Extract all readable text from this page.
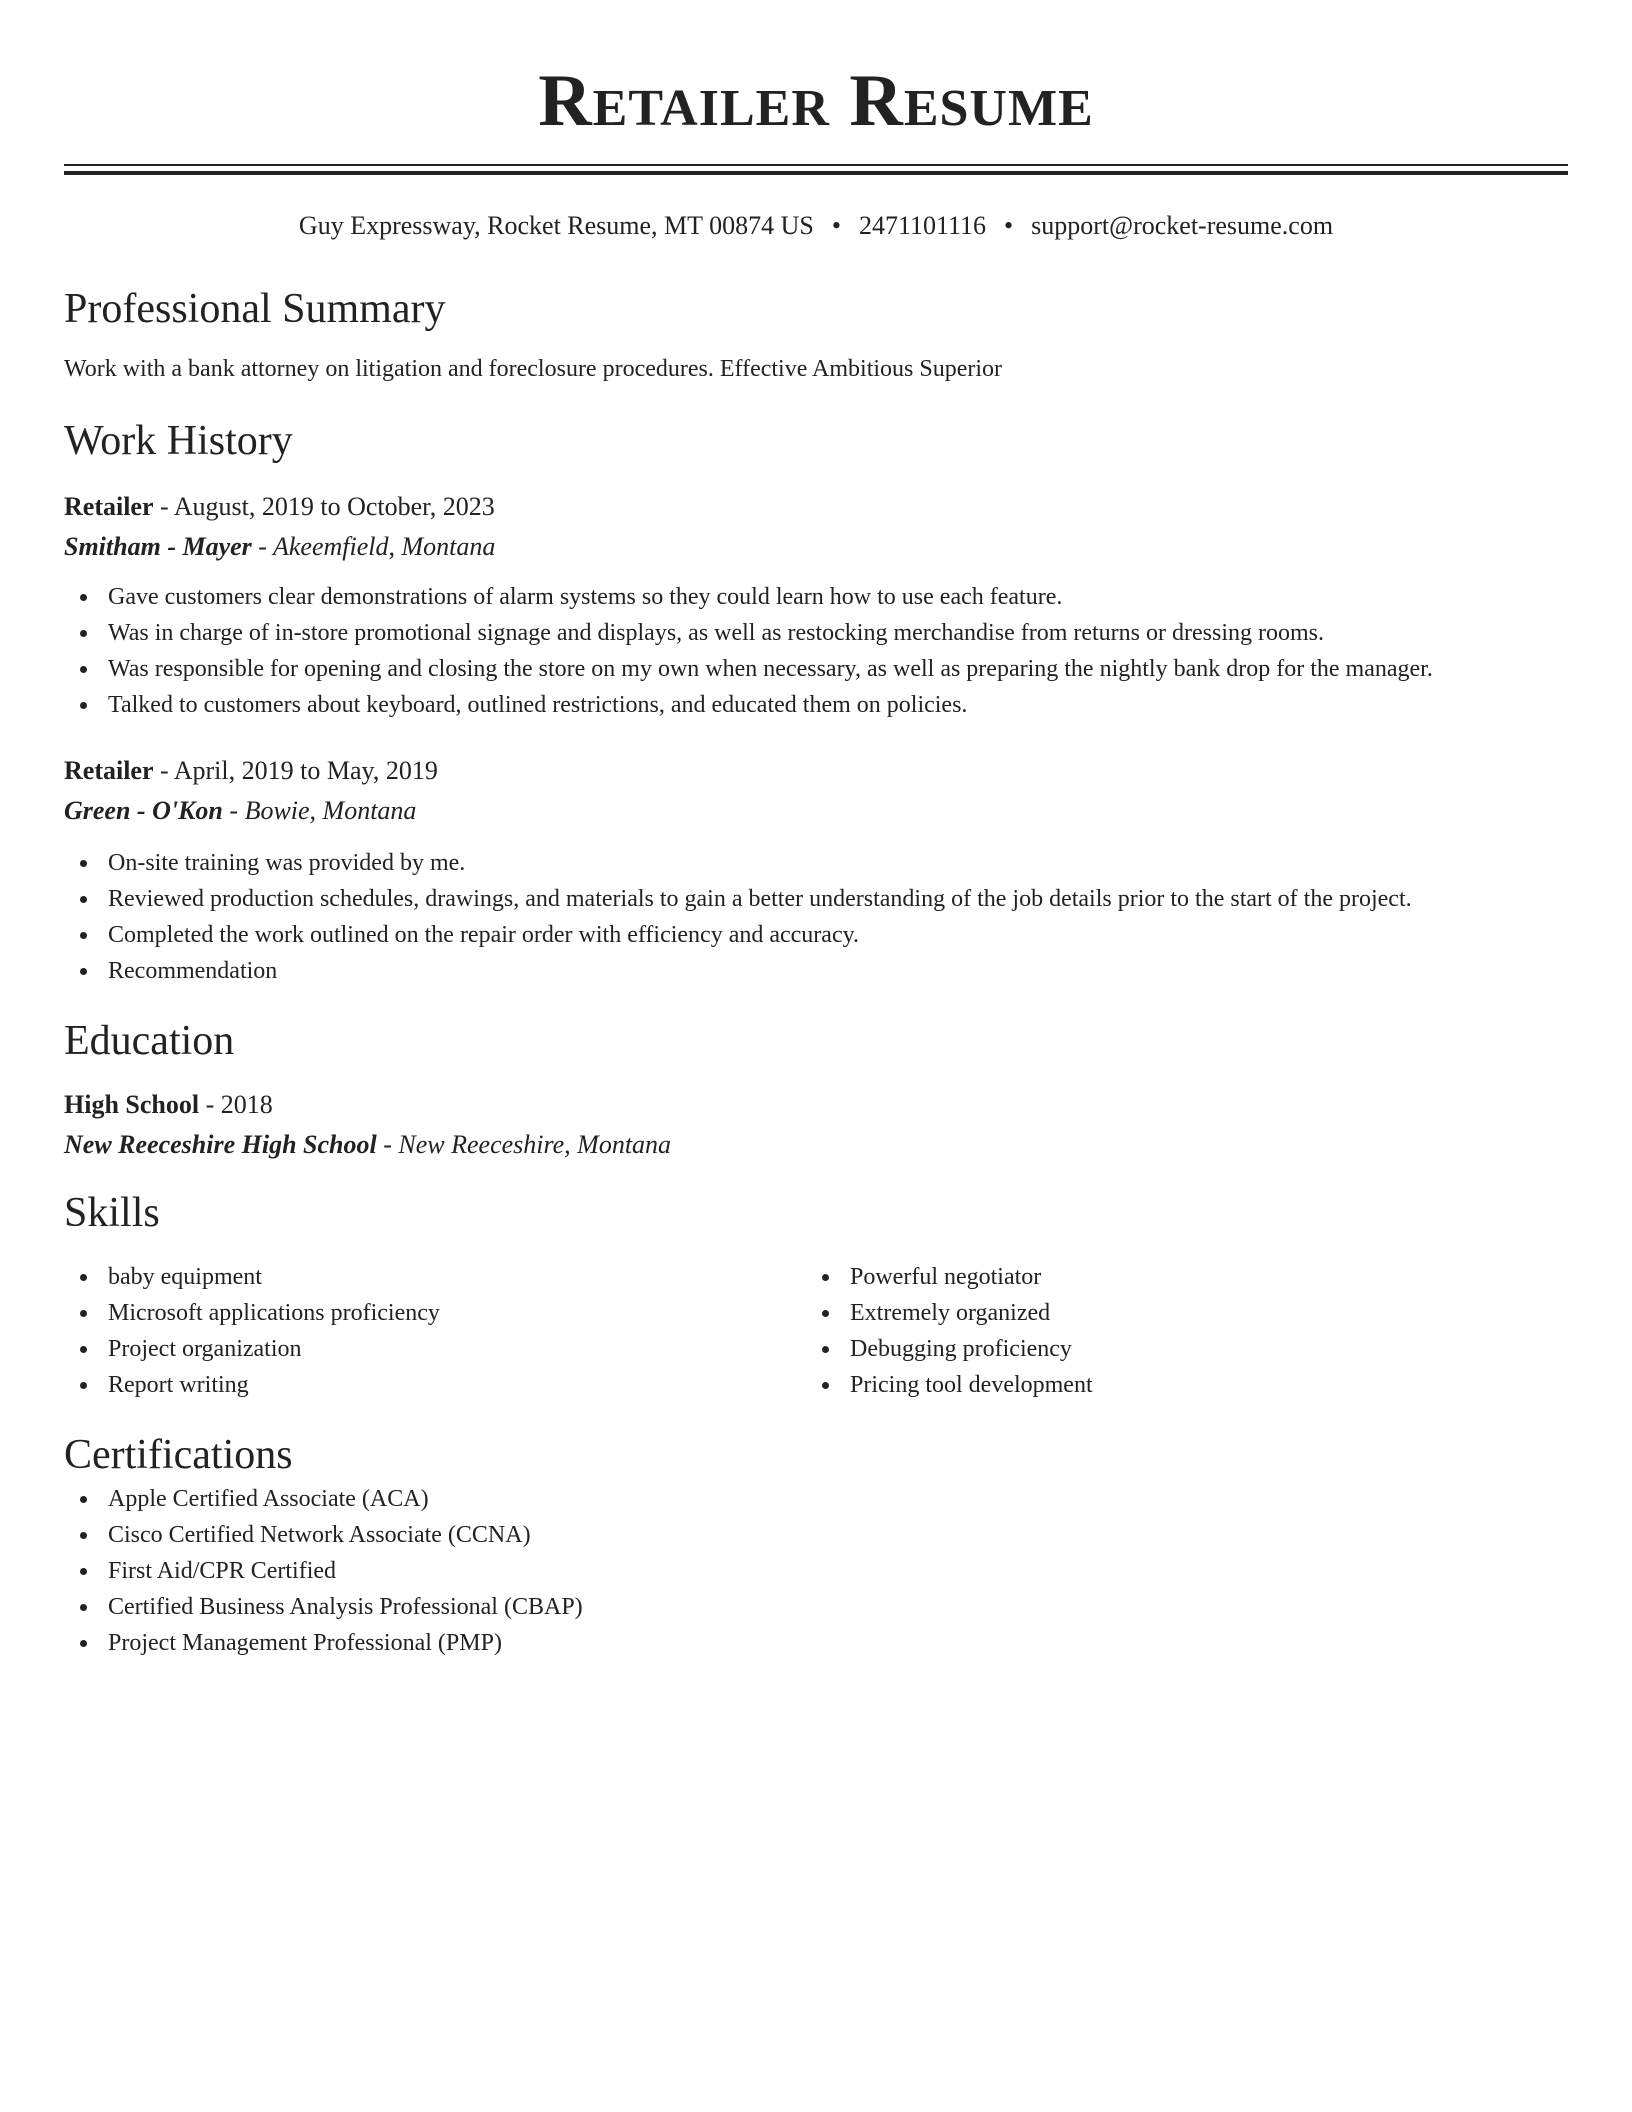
Retailer Resume
Guy Expressway, Rocket Resume, MT 00874 US • 2471101116 • support@rocket-resume.com
Professional Summary
Work with a bank attorney on litigation and foreclosure procedures. Effective Ambitious Superior
Work History
Retailer - August, 2019 to October, 2023
Smitham - Mayer - Akeemfield, Montana
Gave customers clear demonstrations of alarm systems so they could learn how to use each feature.
Was in charge of in-store promotional signage and displays, as well as restocking merchandise from returns or dressing rooms.
Was responsible for opening and closing the store on my own when necessary, as well as preparing the nightly bank drop for the manager.
Talked to customers about keyboard, outlined restrictions, and educated them on policies.
Retailer - April, 2019 to May, 2019
Green - O'Kon - Bowie, Montana
On-site training was provided by me.
Reviewed production schedules, drawings, and materials to gain a better understanding of the job details prior to the start of the project.
Completed the work outlined on the repair order with efficiency and accuracy.
Recommendation
Education
High School - 2018
New Reeceshire High School - New Reeceshire, Montana
Skills
baby equipment
Microsoft applications proficiency
Project organization
Report writing
Powerful negotiator
Extremely organized
Debugging proficiency
Pricing tool development
Certifications
Apple Certified Associate (ACA)
Cisco Certified Network Associate (CCNA)
First Aid/CPR Certified
Certified Business Analysis Professional (CBAP)
Project Management Professional (PMP)
